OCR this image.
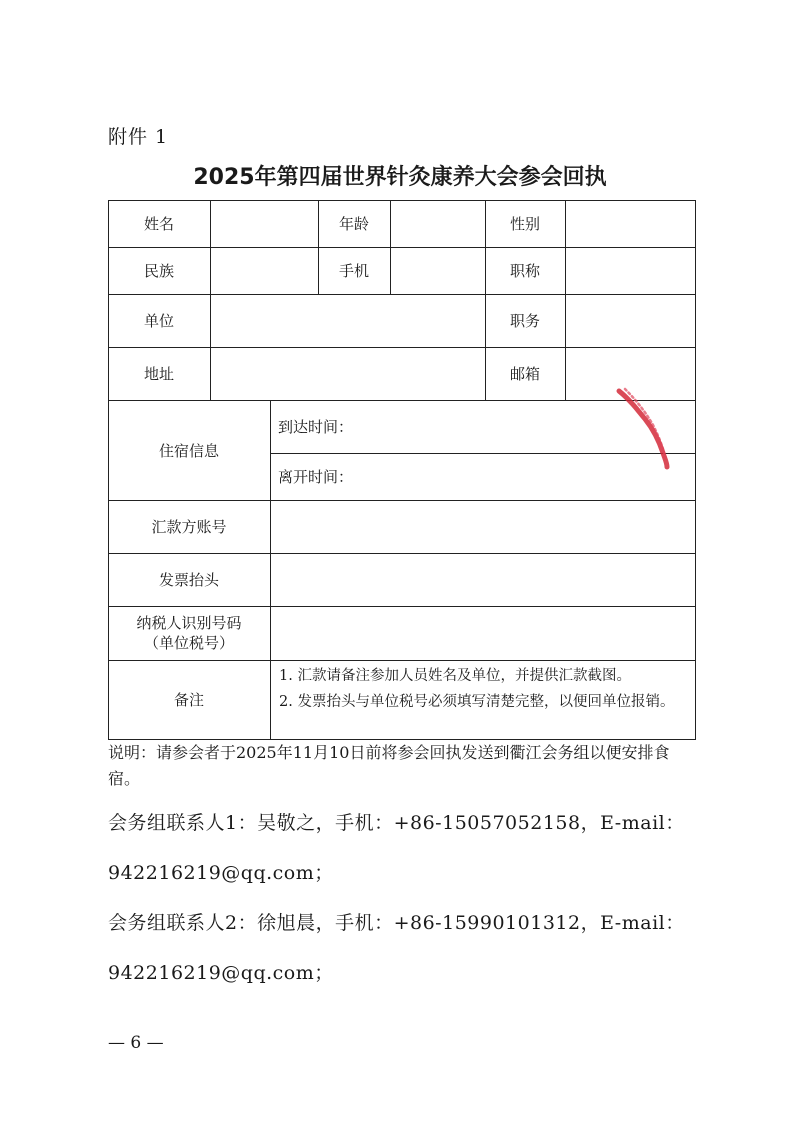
附件 1
2025年第四届世界针灸康养大会参会回执
姓名	年龄	性别
民族	手机	职称
单位	职务
地址	邮箱
住宿信息
到达时间：
离开时间：
汇款方账号
发票抬头
纳税人识别号码
（单位税号）
备注
1. 汇款请备注参加人员姓名及单位，并提供汇款截图。
2. 发票抬头与单位税号必须填写清楚完整，以便回单位报销。
说明：请参会者于2025年11月10日前将参会回执发送到衢江会务组以便安排食宿。
会务组联系人1：吴敬之，手机：+86-15057052158，E-mail：
942216219@qq.com；
会务组联系人2：徐旭晨，手机：+86-15990101312，E-mail：
942216219@qq.com；
— 6 —
